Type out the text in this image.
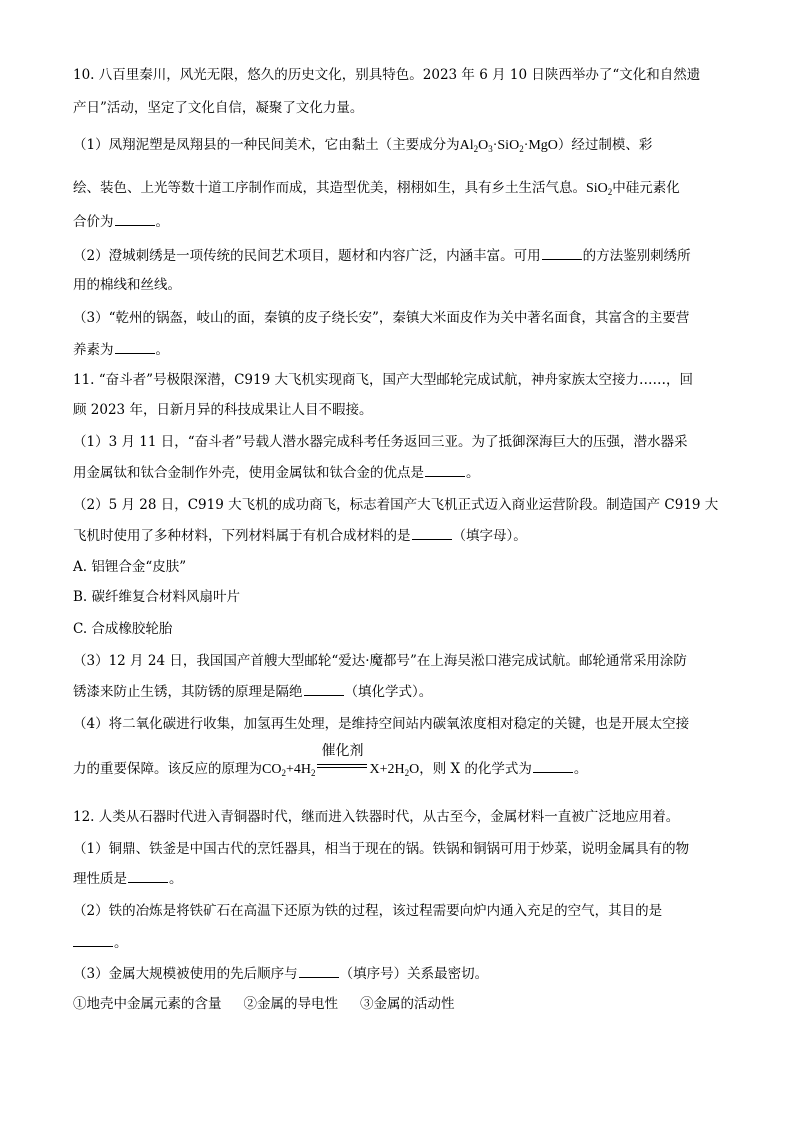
10. 八百里秦川，风光无限，悠久的历史文化，别具特色。2023 年 6 月 10 日陕西举办了“文化和自然遗
产日”活动，坚定了文化自信，凝聚了文化力量。
（1）凤翔泥塑是凤翔县的一种民间美术，它由黏土（主要成分为$Al_2O_3\cdot SiO_2\cdot MgO$）经过制模、彩
绘、装色、上光等数十道工序制作而成，其造型优美，栩栩如生，具有乡土生活气息。SiO$_2$中硅元素化
合价为	。
（2）澄城刺绣是一项传统的民间艺术项目，题材和内容广泛，内涵丰富。可用	的方法鉴别刺绣所
用的棉线和丝线。
（3）“乾州的锅盔，岐山的面，秦镇的皮子绕长安”，秦镇大米面皮作为关中著名面食，其富含的主要营
养素为	。
11. “奋斗者”号极限深潜，C919 大飞机实现商飞，国产大型邮轮完成试航，神舟家族太空接力……，回
顾 2023 年，日新月异的科技成果让人目不暇接。
（1）3 月 11 日，“奋斗者”号载人潜水器完成科考任务返回三亚。为了抵御深海巨大的压强，潜水器采
用金属钛和钛合金制作外壳，使用金属钛和钛合金的优点是	。
（2）5 月 28 日，C919 大飞机的成功商飞，标志着国产大飞机正式迈入商业运营阶段。制造国产 C919 大
飞机时使用了多种材料，下列材料属于有机合成材料的是	（填字母）。
A. 铝锂合金“皮肤”
B. 碳纤维复合材料风扇叶片
C. 合成橡胶轮胎
（3）12 月 24 日，我国国产首艘大型邮轮“爱达·魔都号”在上海吴淞口港完成试航。邮轮通常采用涂防
锈漆来防止生锈，其防锈的原理是隔绝	（填化学式）。
（4）将二氧化碳进行收集，加氢再生处理，是维持空间站内碳氧浓度相对稳定的关键，也是开展太空接
力的重要保障。该反应的原理为$CO_2+4H_2$
催化剂
$X+2H_2O$，则 X 的化学式为	。
12. 人类从石器时代进入青铜器时代，继而进入铁器时代，从古至今，金属材料一直被广泛地应用着。
（1）铜鼎、铁釜是中国古代的烹饪器具，相当于现在的锅。铁锅和铜锅可用于炒菜，说明金属具有的物
理性质是	。
（2）铁的冶炼是将铁矿石在高温下还原为铁的过程，该过程需要向炉内通入充足的空气，其目的是
。
（3）金属大规模被使用的先后顺序与	（填序号）关系最密切。
①地壳中金属元素的含量 ②金属的导电性 ③金属的活动性
